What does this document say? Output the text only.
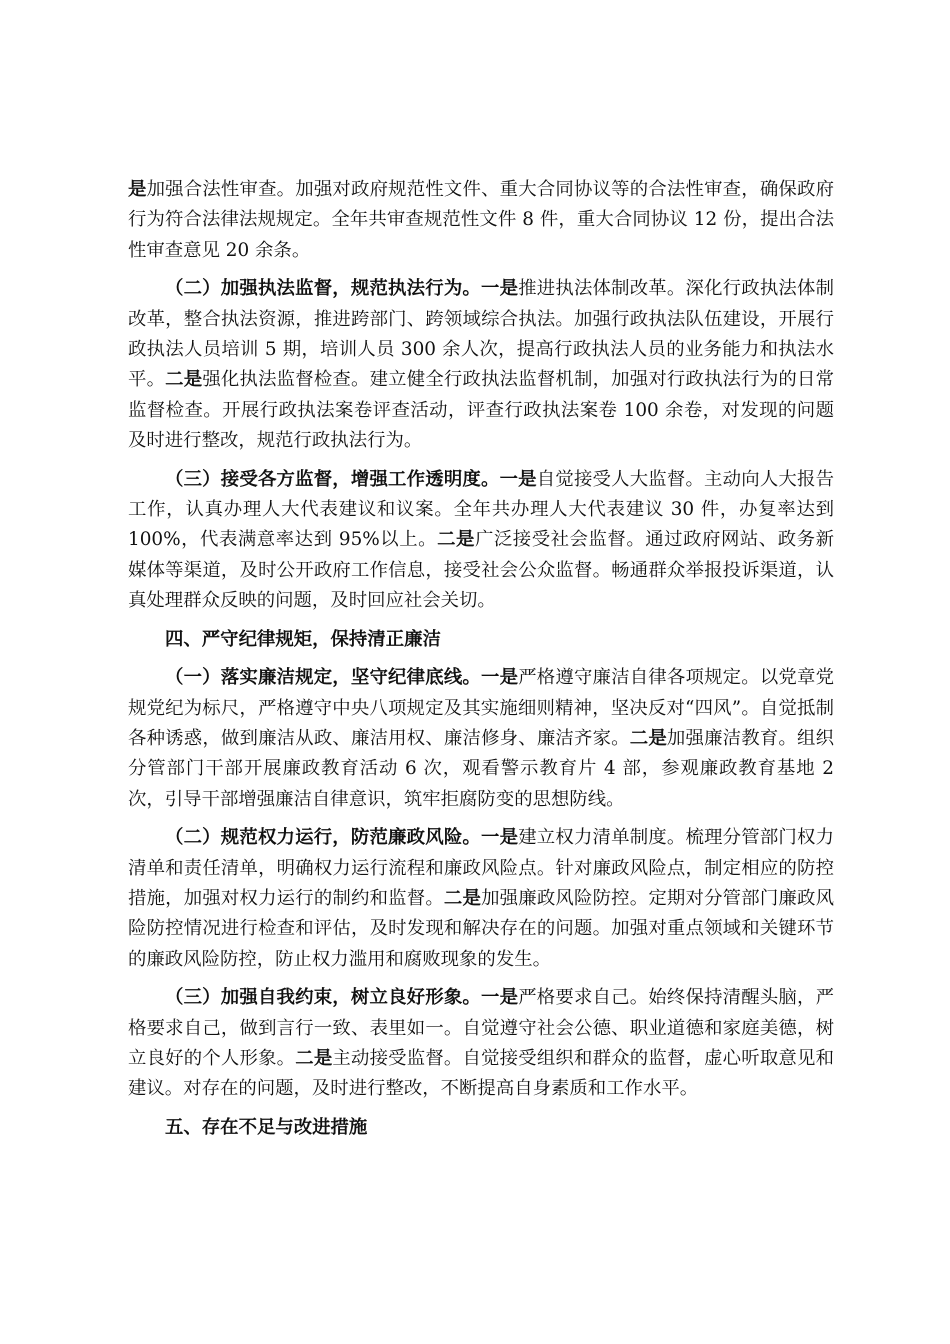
是加强合法性审查。加强对政府规范性文件、重大合同协议等的合法性审查，确保政府行为符合法律法规规定。全年共审查规范性文件 8 件，重大合同协议 12 份，提出合法性审查意见 20 余条。

（二）加强执法监督，规范执法行为。一是推进执法体制改革。深化行政执法体制改革，整合执法资源，推进跨部门、跨领域综合执法。加强行政执法队伍建设，开展行政执法人员培训 5 期，培训人员 300 余人次，提高行政执法人员的业务能力和执法水平。二是强化执法监督检查。建立健全行政执法监督机制，加强对行政执法行为的日常监督检查。开展行政执法案卷评查活动，评查行政执法案卷 100 余卷，对发现的问题及时进行整改，规范行政执法行为。

（三）接受各方监督，增强工作透明度。一是自觉接受人大监督。主动向人大报告工作，认真办理人大代表建议和议案。全年共办理人大代表建议 30 件，办复率达到 100%，代表满意率达到 95%以上。二是广泛接受社会监督。通过政府网站、政务新媒体等渠道，及时公开政府工作信息，接受社会公众监督。畅通群众举报投诉渠道，认真处理群众反映的问题，及时回应社会关切。

四、严守纪律规矩，保持清正廉洁

（一）落实廉洁规定，坚守纪律底线。一是严格遵守廉洁自律各项规定。以党章党规党纪为标尺，严格遵守中央八项规定及其实施细则精神，坚决反对“四风”。自觉抵制各种诱惑，做到廉洁从政、廉洁用权、廉洁修身、廉洁齐家。二是加强廉洁教育。组织分管部门干部开展廉政教育活动 6 次，观看警示教育片 4 部，参观廉政教育基地 2 次，引导干部增强廉洁自律意识，筑牢拒腐防变的思想防线。

（二）规范权力运行，防范廉政风险。一是建立权力清单制度。梳理分管部门权力清单和责任清单，明确权力运行流程和廉政风险点。针对廉政风险点，制定相应的防控措施，加强对权力运行的制约和监督。二是加强廉政风险防控。定期对分管部门廉政风险防控情况进行检查和评估，及时发现和解决存在的问题。加强对重点领域和关键环节的廉政风险防控，防止权力滥用和腐败现象的发生。

（三）加强自我约束，树立良好形象。一是严格要求自己。始终保持清醒头脑，严格要求自己，做到言行一致、表里如一。自觉遵守社会公德、职业道德和家庭美德，树立良好的个人形象。二是主动接受监督。自觉接受组织和群众的监督，虚心听取意见和建议。对存在的问题，及时进行整改，不断提高自身素质和工作水平。

五、存在不足与改进措施
